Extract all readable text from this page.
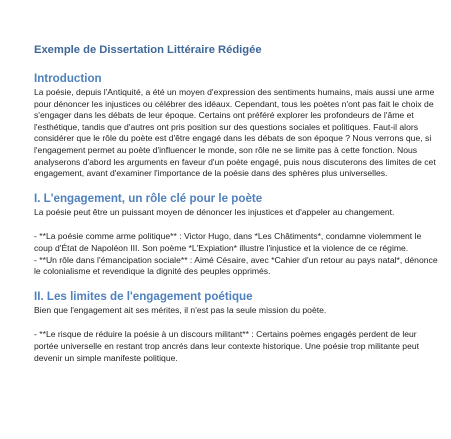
Exemple de Dissertation Littéraire Rédigée
Introduction

La poésie, depuis l'Antiquité, a été un moyen d'expression des sentiments humains, mais aussi une arme pour dénoncer les injustices ou célébrer des idéaux. Cependant, tous les poètes n'ont pas fait le choix de s'engager dans les débats de leur époque. Certains ont préféré explorer les profondeurs de l'âme et l'esthétique, tandis que d'autres ont pris position sur des questions sociales et politiques. Faut-il alors considérer que le rôle du poète est d'être engagé dans les débats de son époque ? Nous verrons que, si l'engagement permet au poète d'influencer le monde, son rôle ne se limite pas à cette fonction. Nous analyserons d'abord les arguments en faveur d'un poète engagé, puis nous discuterons des limites de cet engagement, avant d'examiner l'importance de la poésie dans des sphères plus universelles.

I. L'engagement, un rôle clé pour le poète

La poésie peut être un puissant moyen de dénoncer les injustices et d'appeler au changement.

- **La poésie comme arme politique** : Victor Hugo, dans *Les Châtiments*, condamne violemment le coup d'État de Napoléon III. Son poème *L'Expiation* illustre l'injustice et la violence de ce régime.

- **Un rôle dans l'émancipation sociale** : Aimé Césaire, avec *Cahier d'un retour au pays natal*, dénonce le colonialisme et revendique la dignité des peuples opprimés.

II. Les limites de l'engagement poétique

Bien que l'engagement ait ses mérites, il n'est pas la seule mission du poète.

- **Le risque de réduire la poésie à un discours militant** : Certains poèmes engagés perdent de leur portée universelle en restant trop ancrés dans leur contexte historique. Une poésie trop militante peut devenir un simple manifeste politique.
